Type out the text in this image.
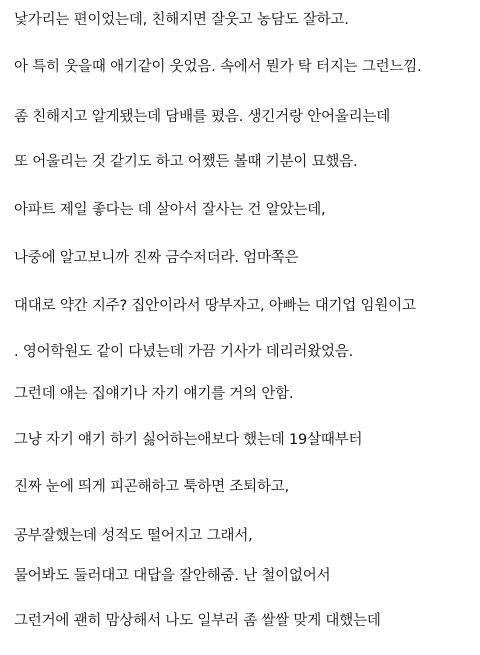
낯가리는 편이었는데, 친해지면 잘웃고 농담도 잘하고.
아 특히 웃을때 애기같이 웃었음. 속에서 뭔가 탁 터지는 그런느낌.
좀 친해지고 알게됐는데 담배를 폈음. 생긴거랑 안어울리는데
또 어울리는 것 같기도 하고 어쨌든 볼때 기분이 묘했음.
아파트 제일 좋다는 데 살아서 잘사는 건 알았는데,
나중에 알고보니까 진짜 금수저더라. 엄마쪽은
대대로 약간 지주? 집안이라서 땅부자고, 아빠는 대기업 임원이고
. 영어학원도 같이 다녔는데 가끔 기사가 데리러왔었음.
그런데 애는 집얘기나 자기 얘기를 거의 안함.
그냥 자기 얘기 하기 싫어하는애보다 했는데 19살때부터
진짜 눈에 띄게 피곤해하고 툭하면 조퇴하고,
공부잘했는데 성적도 떨어지고 그래서,
물어봐도 둘러대고 대답을 잘안해줌. 난 철이없어서
그런거에 괜히 맘상해서 나도 일부러 좀 쌀쌀 맞게 대했는데
